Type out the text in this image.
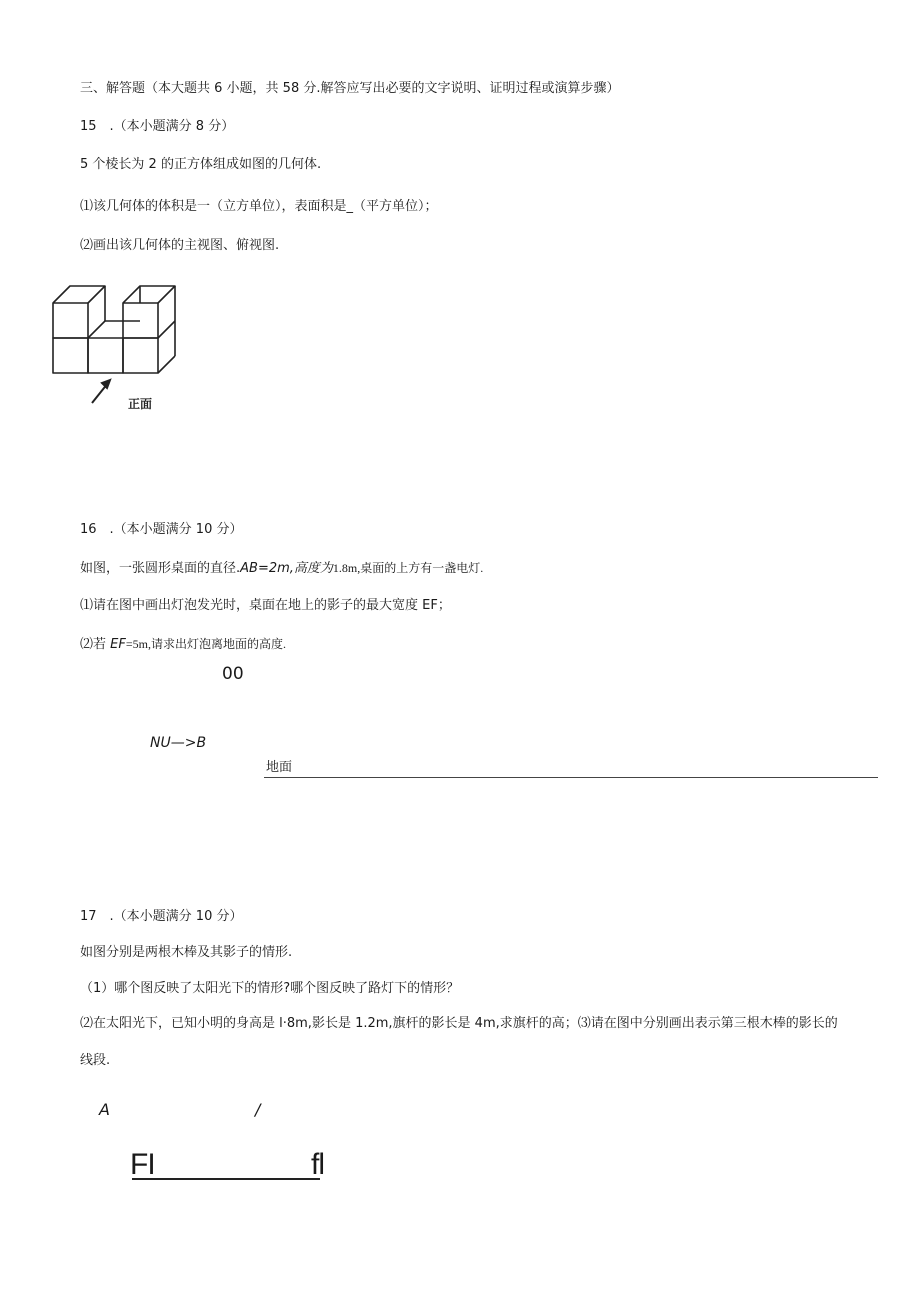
三、解答题（本大题共 6 小题，共 58 分.解答应写出必要的文字说明、证明过程或演算步骤）
15　.（本小题满分 8 分）
5 个棱长为 2 的正方体组成如图的几何体.
⑴该几何体的体积是一（立方单位），表面积是_（平方单位）；
⑵画出该几何体的主视图、俯视图.
正面
16　.（本小题满分 10 分）
如图，一张圆形桌面的直径.AB=2m,高度为1.8m,桌面的上方有一盏电灯.
⑴请在图中画出灯泡发光时，桌面在地上的影子的最大宽度 EF；
⑵若 EF=5m,请求出灯泡离地面的高度.
00
NU—>B
地面
17　.（本小题满分 10 分）
如图分别是两根木棒及其影子的情形.
（1）哪个图反映了太阳光下的情形?哪个图反映了路灯下的情形？
⑵在太阳光下，已知小明的身高是 l·8m,影长是 1.2m,旗杆的影长是 4m,求旗杆的高；⑶请在图中分别画出表示第三根木棒的影长的
线段.
A	/
FI	fl
